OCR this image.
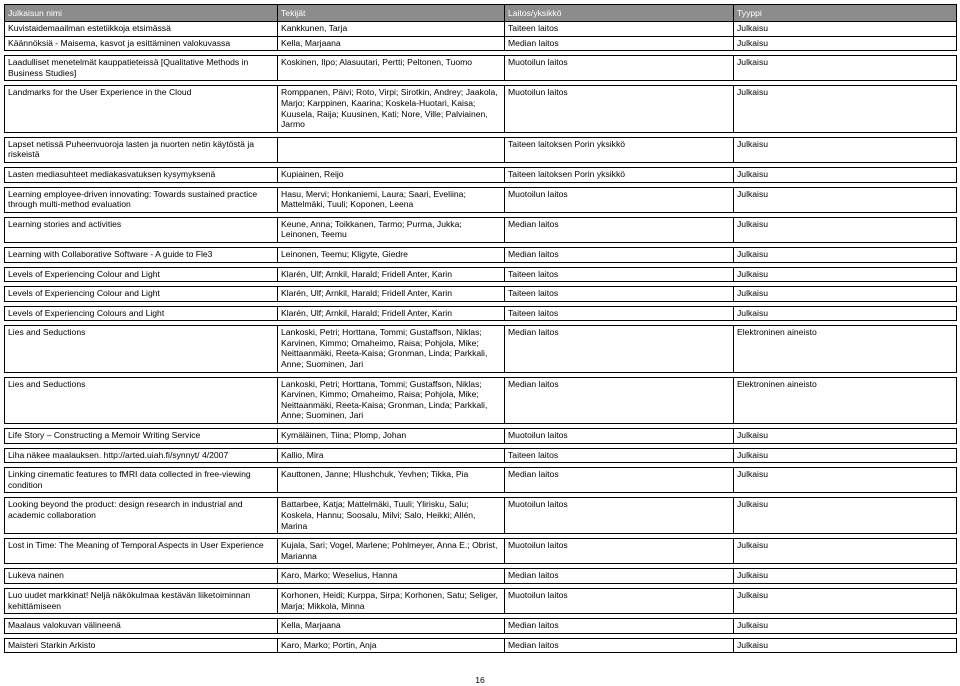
Julkaisun nimi	Tekijät	Laitos/yksikkö	Tyyppi
Kuvistaidemaailman estetiikkoja etsimässä	Kankkunen, Tarja	Taiteen laitos	Julkaisu
Käännöksiä - Maisema, kasvot ja esittäminen valokuvassa	Kella, Marjaana	Median laitos	Julkaisu

Laadulliset menetelmät kauppatieteissä [Qualitative Methods in Business Studies]	Koskinen, Ilpo; Alasuutari, Pertti; Peltonen, Tuomo	Muotoilun laitos	Julkaisu

Landmarks for the User Experience in the Cloud	Romppanen, Päivi; Roto, Virpi; Sirotkin, Andrey; Jaakola, Marjo; Karppinen, Kaarina; Koskela-Huotari, Kaisa; Kuusela, Raija; Kuusinen, Kati; Nore, Ville; Palviainen, Jarmo	Muotoilun laitos	Julkaisu

Lapset netissä Puheenvuoroja lasten ja nuorten netin käytöstä ja riskeistä		Taiteen laitoksen Porin yksikkö	Julkaisu

Lasten mediasuhteet mediakasvatuksen kysymyksenä	Kupiainen, Reijo	Taiteen laitoksen Porin yksikkö	Julkaisu

Learning employee-driven innovating: Towards sustained practice through multi-method evaluation	Hasu, Mervi; Honkaniemi, Laura; Saari, Eveliina; Mattelmäki, Tuuli; Koponen, Leena	Muotoilun laitos	Julkaisu

Learning stories and activities	Keune, Anna; Toikkanen, Tarmo; Purma, Jukka; Leinonen, Teemu	Median laitos	Julkaisu

Learning with Collaborative Software - A guide to Fle3	Leinonen, Teemu; Kligyte, Giedre	Median laitos	Julkaisu

Levels of Experiencing Colour and Light	Klarén, Ulf; Arnkil, Harald; Fridell Anter, Karin	Taiteen laitos	Julkaisu

Levels of Experiencing Colour and Light	Klarén, Ulf; Arnkil, Harald; Fridell Anter, Karin	Taiteen laitos	Julkaisu

Levels of Experiencing Colours and Light	Klarén, Ulf; Arnkil, Harald; Fridell Anter, Karin	Taiteen laitos	Julkaisu

Lies and Seductions	Lankoski, Petri; Horttana, Tommi; Gustaffson, Niklas; Karvinen, Kimmo; Omaheimo, Raisa; Pohjola, Mike; Neittaanmäki, Reeta-Kaisa; Gronman, Linda; Parkkali, Anne; Suominen, Jari	Median laitos	Elektroninen aineisto

Lies and Seductions	Lankoski, Petri; Horttana, Tommi; Gustaffson, Niklas; Karvinen, Kimmo; Omaheimo, Raisa; Pohjola, Mike; Neittaanmäki, Reeta-Kaisa; Gronman, Linda; Parkkali, Anne; Suominen, Jari	Median laitos	Elektroninen aineisto

Life Story – Constructing a Memoir Writing Service	Kymäläinen, Tiina; Plomp, Johan	Muotoilun laitos	Julkaisu

Liha näkee maalauksen. http://arted.uiah.fi/synnyt/ 4/2007	Kallio, Mira	Taiteen laitos	Julkaisu

Linking cinematic features to fMRI data collected in free-viewing condition	Kauttonen, Janne; Hlushchuk, Yevhen; Tikka, Pia	Median laitos	Julkaisu

Looking beyond the product: design research in industrial and academic collaboration	Battarbee, Katja; Mattelmäki, Tuuli; Ylirisku, Salu; Koskela, Hannu; Soosalu, Milvi; Salo, Heikki; Allén, Marina	Muotoilun laitos	Julkaisu

Lost in Time: The Meaning of Temporal Aspects in User Experience	Kujala, Sari; Vogel, Marlene; Pohlmeyer, Anna E.; Obrist, Marianna	Muotoilun laitos	Julkaisu

Lukeva nainen	Karo, Marko; Weselius, Hanna	Median laitos	Julkaisu

Luo uudet markkinat! Neljä näkökulmaa kestävän liiketoiminnan kehittämiseen	Korhonen, Heidi; Kurppa, Sirpa; Korhonen, Satu; Seliger, Marja; Mikkola, Minna	Muotoilun laitos	Julkaisu

Maalaus valokuvan välineenä	Kella, Marjaana	Median laitos	Julkaisu

Maisteri Starkin Arkisto	Karo, Marko; Portin, Anja	Median laitos	Julkaisu
16
